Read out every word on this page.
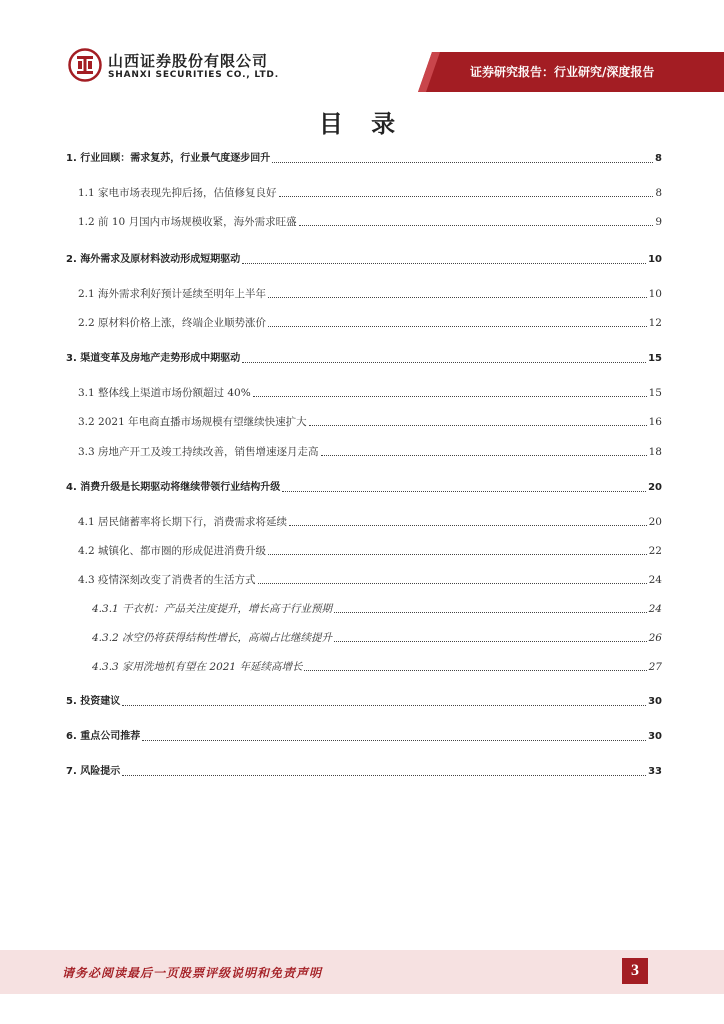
山西证券股份有限公司
SHANXI SECURITIES CO., LTD.	证券研究报告：行业研究/深度报告
目 录
1. 行业回顾：需求复苏，行业景气度逐步回升	8
1.1 家电市场表现先抑后扬，估值修复良好	8
1.2 前 10 月国内市场规模收紧，海外需求旺盛	9
2. 海外需求及原材料波动形成短期驱动	10
2.1 海外需求利好预计延续至明年上半年	10
2.2 原材料价格上涨，终端企业顺势涨价	12
3. 渠道变革及房地产走势形成中期驱动	15
3.1 整体线上渠道市场份额超过 40%	15
3.2 2021 年电商直播市场规模有望继续快速扩大	16
3.3 房地产开工及竣工持续改善，销售增速逐月走高	18
4. 消费升级是长期驱动将继续带领行业结构升级	20
4.1 居民储蓄率将长期下行，消费需求将延续	20
4.2 城镇化、都市圈的形成促进消费升级	22
4.3 疫情深刻改变了消费者的生活方式	24
4.3.1 干衣机：产品关注度提升，增长高于行业预期	24
4.3.2 冰空仍将获得结构性增长，高端占比继续提升	26
4.3.3 家用洗地机有望在 2021 年延续高增长	27
5. 投资建议	30
6. 重点公司推荐	30
7. 风险提示	33
请务必阅读最后一页股票评级说明和免责声明	3
